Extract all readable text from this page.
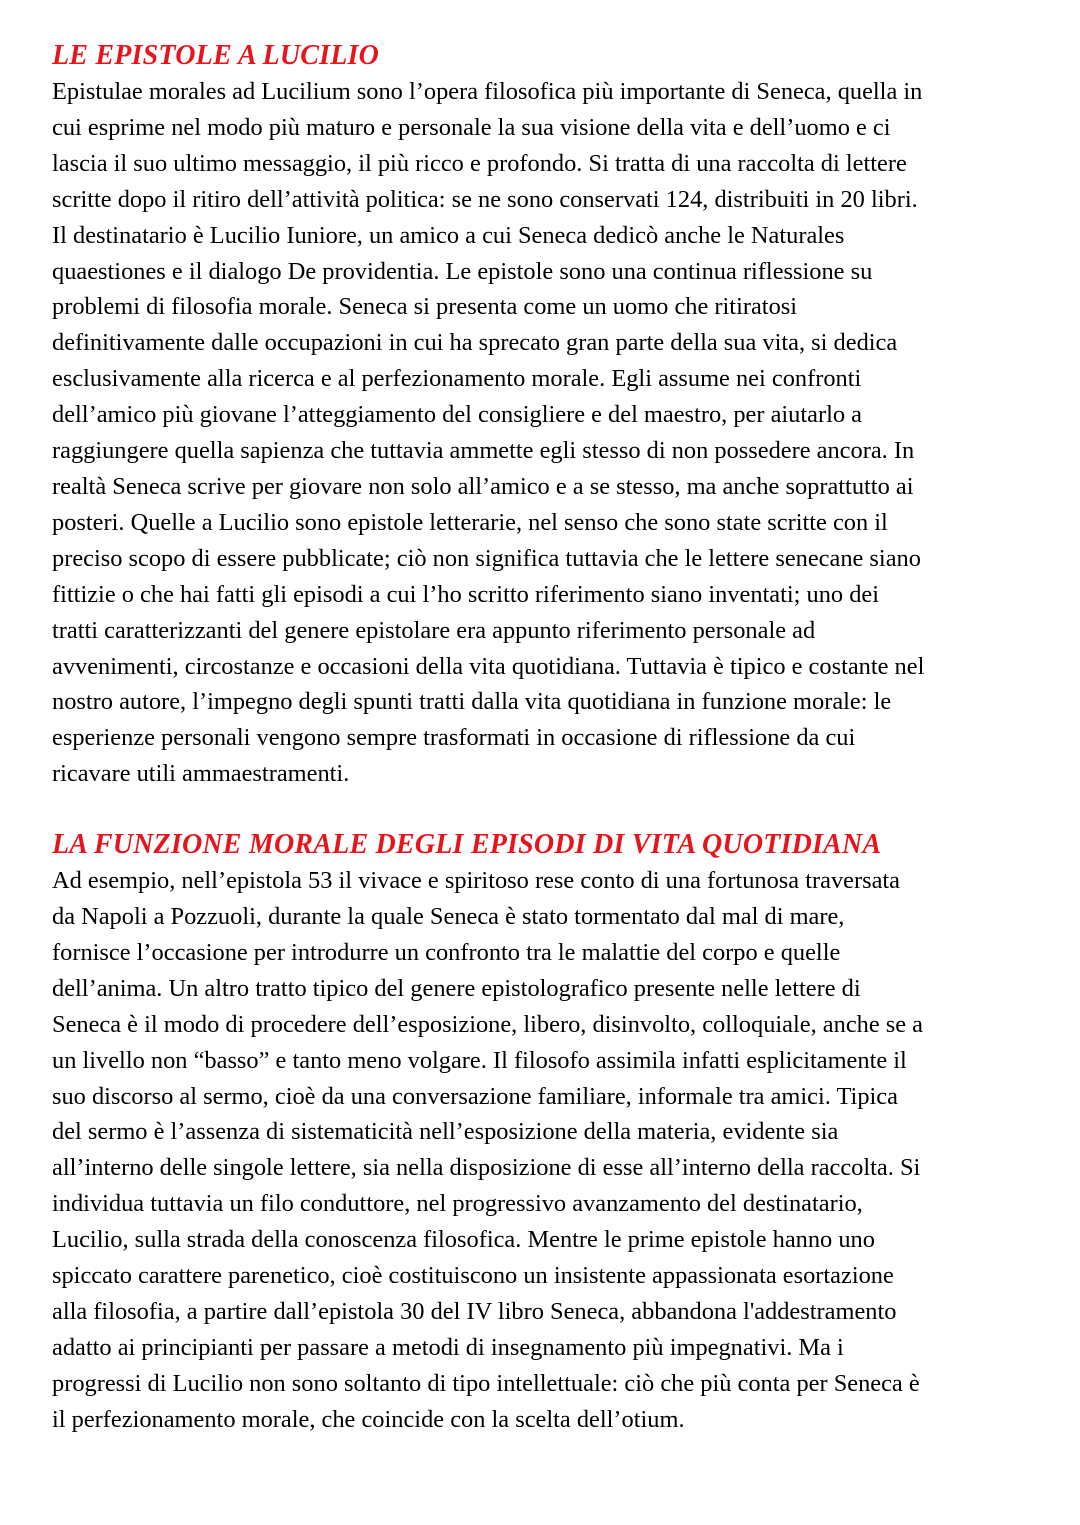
LE EPISTOLE A LUCILIO

Epistulae morales ad Lucilium sono l’opera filosofica più importante di Seneca, quella in
cui esprime nel modo più maturo e personale la sua visione della vita e dell’uomo e ci
lascia il suo ultimo messaggio, il più ricco e profondo. Si tratta di una raccolta di lettere
scritte dopo il ritiro dell’attività politica: se ne sono conservati 124, distribuiti in 20 libri.
Il destinatario è Lucilio Iuniore, un amico a cui Seneca dedicò anche le Naturales
quaestiones e il dialogo De providentia. Le epistole sono una continua riflessione su
problemi di filosofia morale. Seneca si presenta come un uomo che ritiratosi
definitivamente dalle occupazioni in cui ha sprecato gran parte della sua vita, si dedica
esclusivamente alla ricerca e al perfezionamento morale. Egli assume nei confronti
dell’amico più giovane l’atteggiamento del consigliere e del maestro, per aiutarlo a
raggiungere quella sapienza che tuttavia ammette egli stesso di non possedere ancora. In
realtà Seneca scrive per giovare non solo all’amico e a se stesso, ma anche soprattutto ai
posteri. Quelle a Lucilio sono epistole letterarie, nel senso che sono state scritte con il
preciso scopo di essere pubblicate; ciò non significa tuttavia che le lettere senecane siano
fittizie o che hai fatti gli episodi a cui l’ho scritto riferimento siano inventati; uno dei
tratti caratterizzanti del genere epistolare era appunto riferimento personale ad
avvenimenti, circostanze e occasioni della vita quotidiana. Tuttavia è tipico e costante nel
nostro autore, l’impegno degli spunti tratti dalla vita quotidiana in funzione morale: le
esperienze personali vengono sempre trasformati in occasione di riflessione da cui
ricavare utili ammaestramenti.

LA FUNZIONE MORALE DEGLI EPISODI DI VITA QUOTIDIANA

Ad esempio, nell’epistola 53 il vivace e spiritoso rese conto di una fortunosa traversata
da Napoli a Pozzuoli, durante la quale Seneca è stato tormentato dal mal di mare,
fornisce l’occasione per introdurre un confronto tra le malattie del corpo e quelle
dell’anima. Un altro tratto tipico del genere epistolografico presente nelle lettere di
Seneca è il modo di procedere dell’esposizione, libero, disinvolto, colloquiale, anche se a
un livello non “basso” e tanto meno volgare. Il filosofo assimila infatti esplicitamente il
suo discorso al sermo, cioè da una conversazione familiare, informale tra amici. Tipica
del sermo è l’assenza di sistematicità nell’esposizione della materia, evidente sia
all’interno delle singole lettere, sia nella disposizione di esse all’interno della raccolta. Si
individua tuttavia un filo conduttore, nel progressivo avanzamento del destinatario,
Lucilio, sulla strada della conoscenza filosofica. Mentre le prime epistole hanno uno
spiccato carattere parenetico, cioè costituiscono un insistente appassionata esortazione
alla filosofia, a partire dall’epistola 30 del IV libro Seneca, abbandona l'addestramento
adatto ai principianti per passare a metodi di insegnamento più impegnativi. Ma i
progressi di Lucilio non sono soltanto di tipo intellettuale: ciò che più conta per Seneca è
il perfezionamento morale, che coincide con la scelta dell’otium.
